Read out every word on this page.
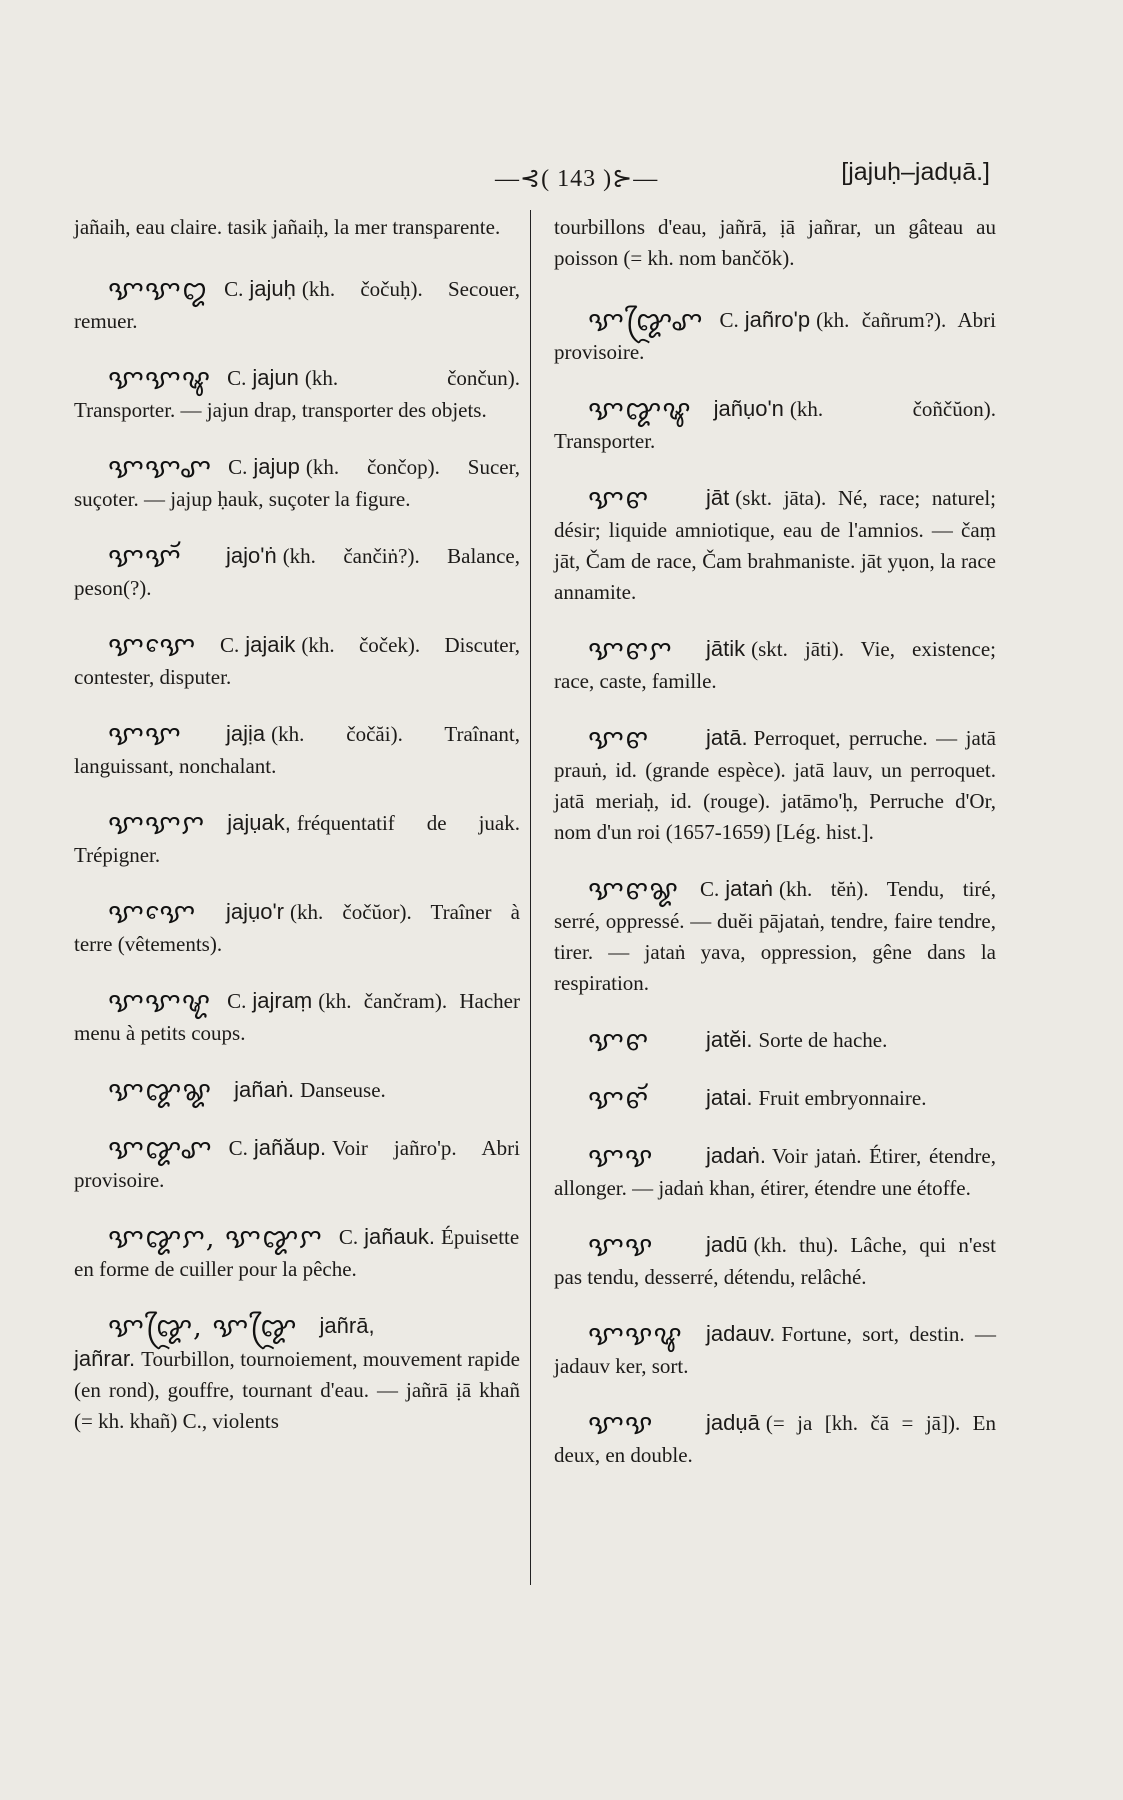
—⊰( 143 )⊱—	[jajuḥ–jadụā.]
jañaih, eau claire. tasik jañaiḥ, la mer transparente.
ꨎꨎꨁ C. jajuḥ (kh. čočuḥ). Secouer, remuer.
ꨎꨎꨡ C. jajun (kh. čončun). Transporter. — jajun drap, transporter des objets.
ꨎꨎꨚ C. jajup (kh. čončop). Sucer, suçoter. — jajup ḥauk, suçoter la figure.
ꨎꨎꨮ jajo'ṅ (kh. čančiṅ?). Balance, peson(?).
ꨎꨎꨯ C. jajaik (kh. čoček). Discuter, contester, disputer.
ꨎꨎ jajịa (kh. čočăi). Traînant, languissant, nonchalant.
ꨎꨎꨆ jajụak, fréquentatif de juak. Trépigner.
ꨎꨎꨯ jajụo'r (kh. čočŭor). Traîner à terre (vêtements).
ꨎꨎꨠ C. jajraṃ (kh. čančram). Hacher menu à petits coups.
ꨎꨑꨘ jañaṅ. Danseuse.
ꨎꨑꨚ C. jañăup. Voir jañro'p. Abri provisoire.
ꨎꨑꨆ, ꨎꨑꨆ C. jañauk. Épuisette en forme de cuiller pour la pêche.
ꨎꨑꨴ, ꨎꨑꨴ jañrā, jañrar. Tourbillon, tournoiement, mouvement rapide (en rond), gouffre, tournant d'eau. — jañrā ịā khañ (= kh. khañ) C., violents
tourbillons d'eau, jañrā, ịā jañrar, un gâteau au poisson (= kh. nom bančŏk).
ꨎꨑꨴꨚ C. jañro'p (kh. čañrum?). Abri provisoire.
ꨎꨑꨡ jañụo'n (kh. čoñčŭon). Transporter.
ꨎꨓ	jāt (skt. jāta). Né, race; naturel; désir; liquide amniotique, eau de l'amnios. — čaṃ jāt, Čam de race, Čam brahmaniste. jāt yụon, la race annamite.
ꨎꨓꨆ jātik (skt. jāti). Vie, existence; race, caste, famille.
ꨎꨓ	jatā. Perroquet, perruche. — jatā prauṅ, id. (grande espèce). jatā lauv, un perroquet. jatā meriaḥ, id. (rouge). jatāmo'ḥ, Perruche d'Or, nom d'un roi (1657-1659) [Lég. hist.].
ꨎꨓꨘ C. jataṅ (kh. tĕṅ). Tendu, tiré, serré, oppressé. — duĕi pājataṅ, tendre, faire tendre, tirer. — jataṅ yava, oppression, gêne dans la respiration.
ꨎꨓ	jatĕi. Sorte de hache.
ꨎꨓꨮ	jatai. Fruit embryonnaire.
ꨎꨕ jadaṅ. Voir jataṅ. Étirer, étendre, allonger. — jadaṅ khan, étirer, étendre une étoffe.
ꨎꨕ jadū (kh. thu). Lâche, qui n'est pas tendu, desserré, détendu, relâché.
ꨎꨕꨥ jadauv. Fortune, sort, destin. — jadauv ker, sort.
ꨎꨕ jadụā (= ja [kh. čā = jā]). En deux, en double.
